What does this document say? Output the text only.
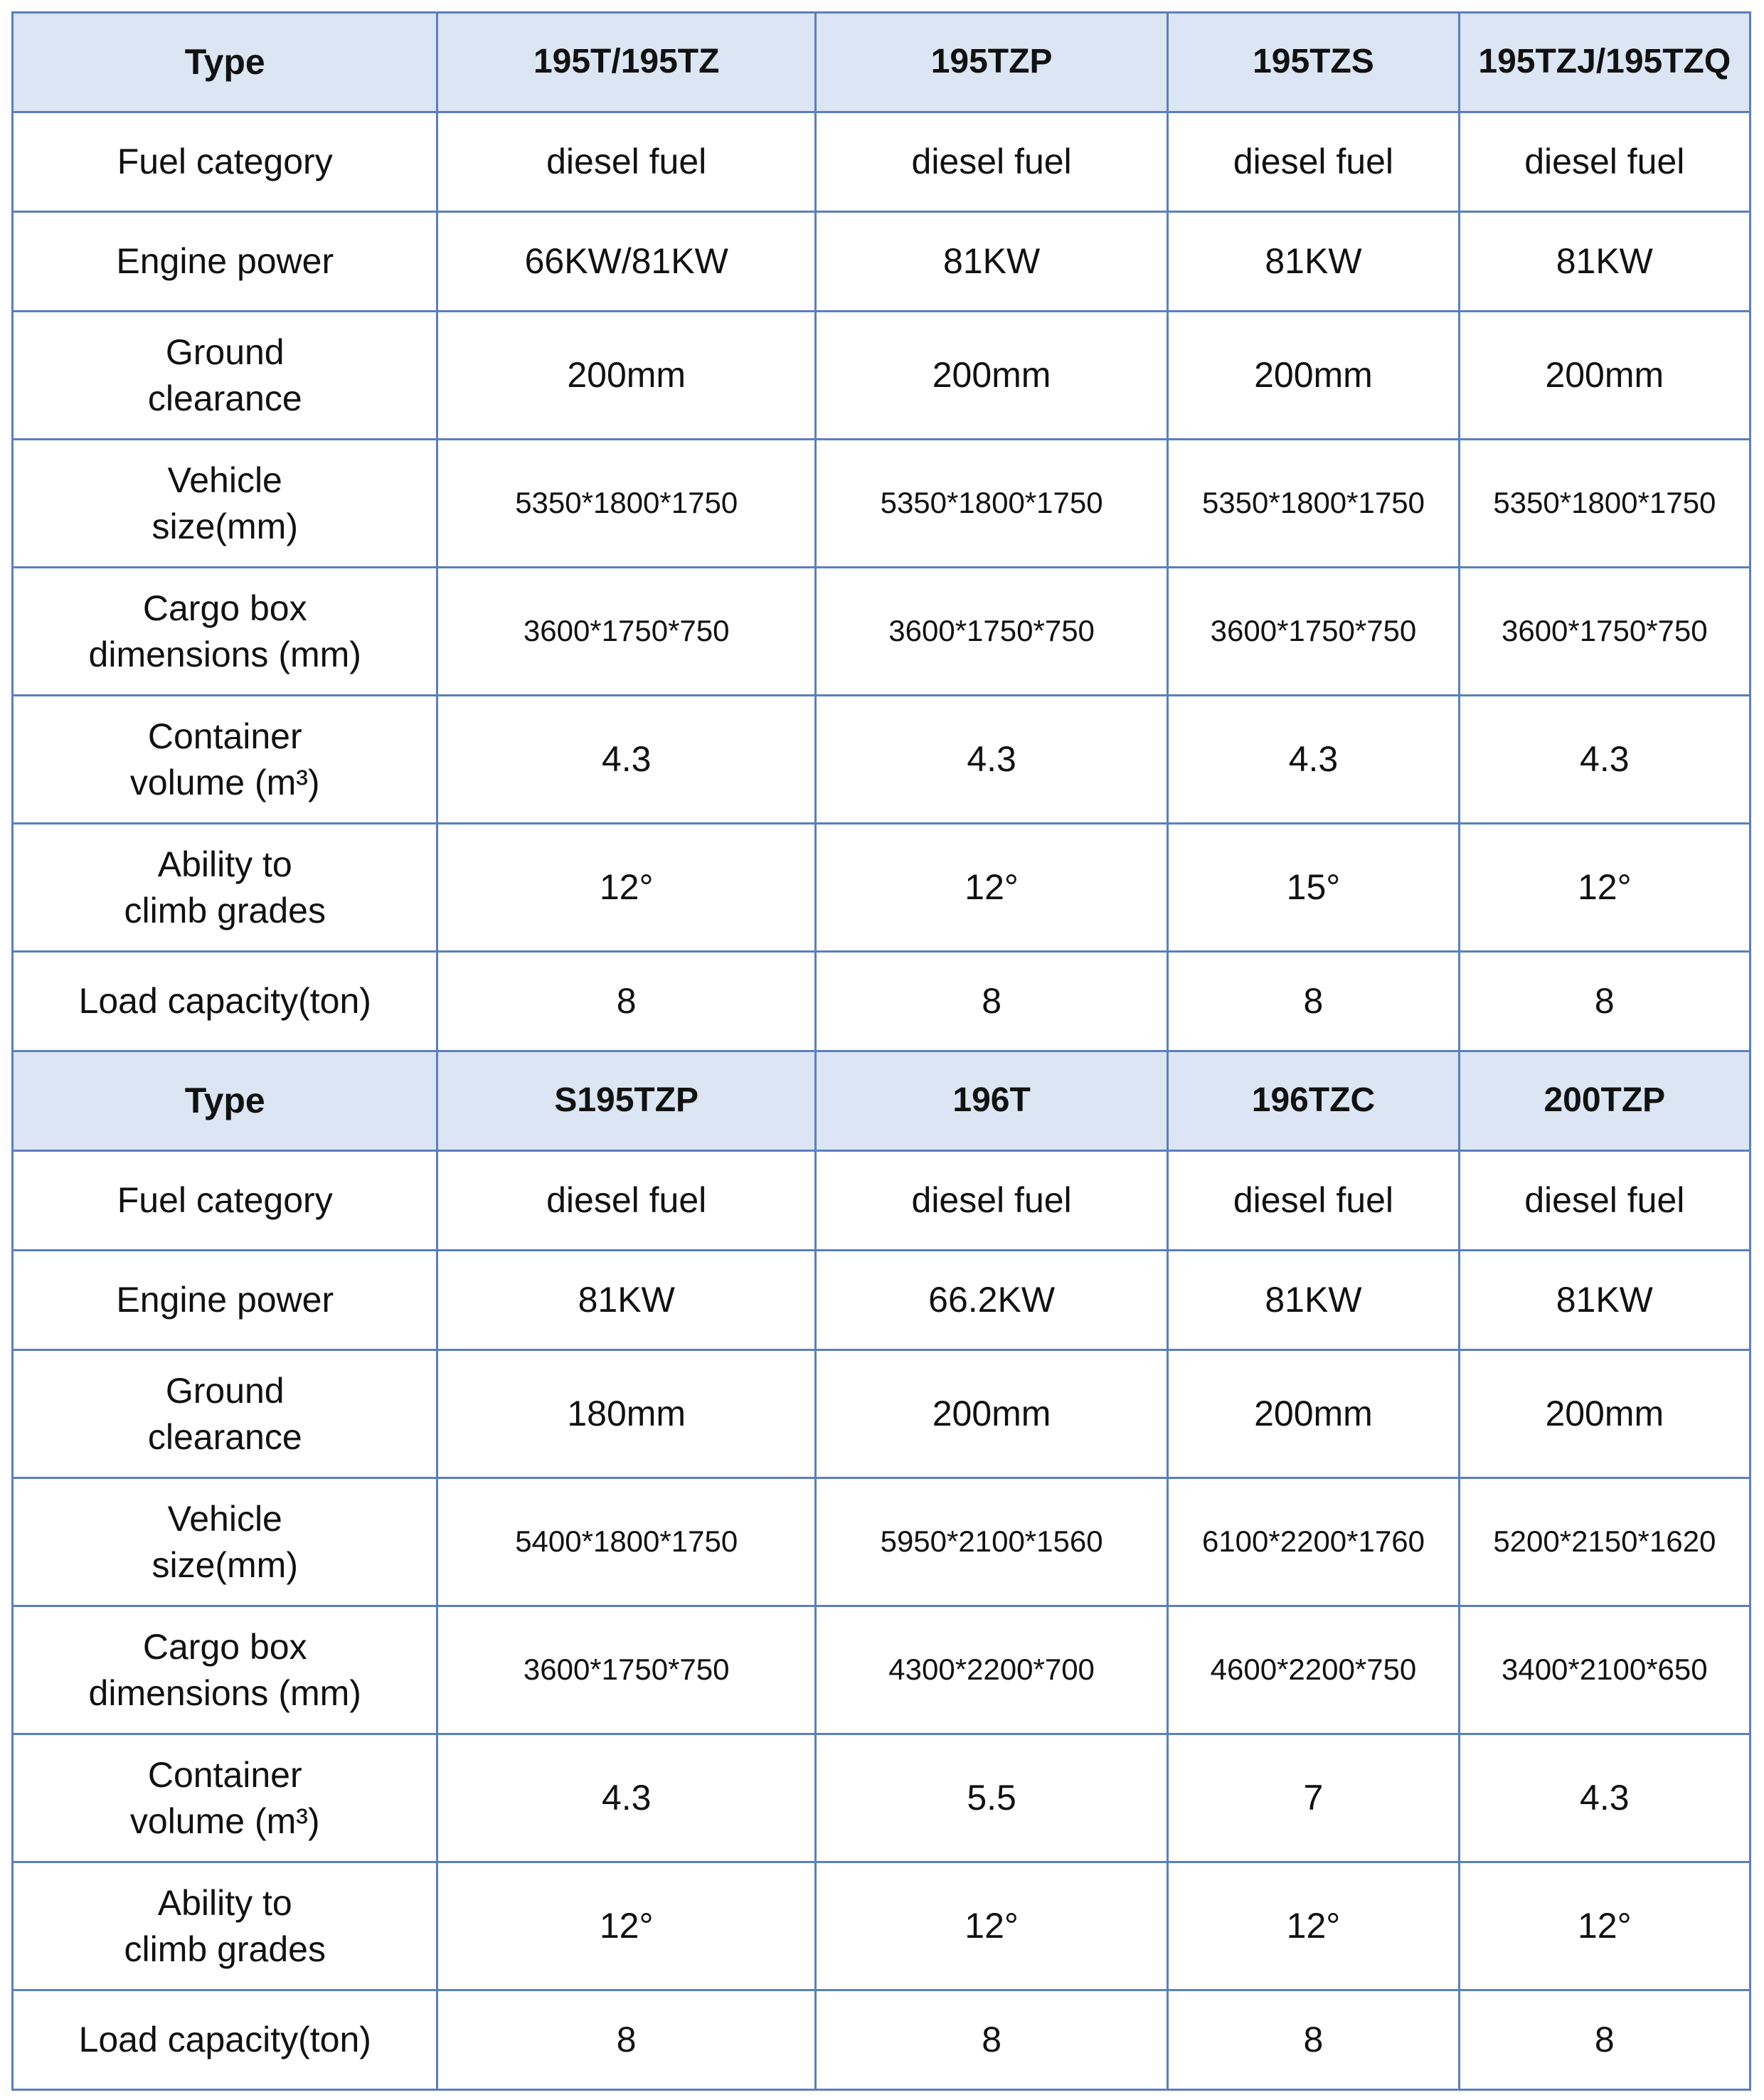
Type	195T/195TZ	195TZP	195TZS	195TZJ/195TZQ

Fuel category	diesel fuel	diesel fuel	diesel fuel	diesel fuel

Engine power	66KW/81KW	81KW	81KW	81KW

Ground
clearance	200mm	200mm	200mm	200mm

Vehicle
size(mm)	5350*1800*1750	5350*1800*1750	5350*1800*1750	5350*1800*1750

Cargo box
dimensions (mm)	3600*1750*750	3600*1750*750	3600*1750*750	3600*1750*750

Container
volume (m³)	4.3	4.3	4.3	4.3

Ability to
climb grades	12°	12°	15°	12°

Load capacity(ton)	8	8	8	8
Type	S195TZP	196T	196TZC	200TZP

Fuel category	diesel fuel	diesel fuel	diesel fuel	diesel fuel

Engine power	81KW	66.2KW	81KW	81KW

Ground
clearance	180mm	200mm	200mm	200mm

Vehicle
size(mm)	5400*1800*1750	5950*2100*1560	6100*2200*1760	5200*2150*1620

Cargo box
dimensions (mm)	3600*1750*750	4300*2200*700	4600*2200*750	3400*2100*650

Container
volume (m³)	4.3	5.5	7	4.3

Ability to
climb grades	12°	12°	12°	12°

Load capacity(ton)	8	8	8	8
